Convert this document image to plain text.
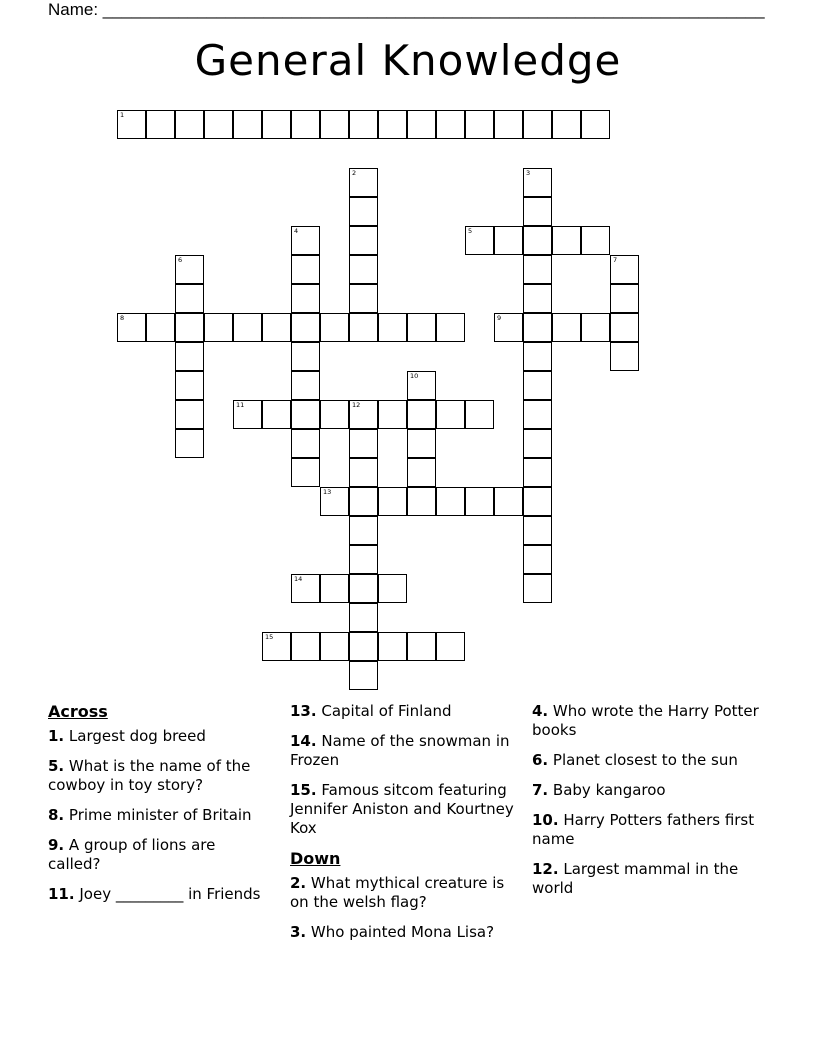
Name: ______________________________________________________________________
General Knowledge
1
2	3
4	5
6	7
8	9
10
11	12
13
14
15
Across
1. Largest dog breed
5. What is the name of the cowboy in toy story?
8. Prime minister of Britain
9. A group of lions are called?
11. Joey _________ in Friends
13. Capital of Finland
14. Name of the snowman in Frozen
15. Famous sitcom featuring Jennifer Aniston and Kourtney Kox
Down
2. What mythical creature is on the welsh flag?
3. Who painted Mona Lisa?
4. Who wrote the Harry Potter books
6. Planet closest to the sun
7. Baby kangaroo
10. Harry Potters fathers first name
12. Largest mammal in the world
